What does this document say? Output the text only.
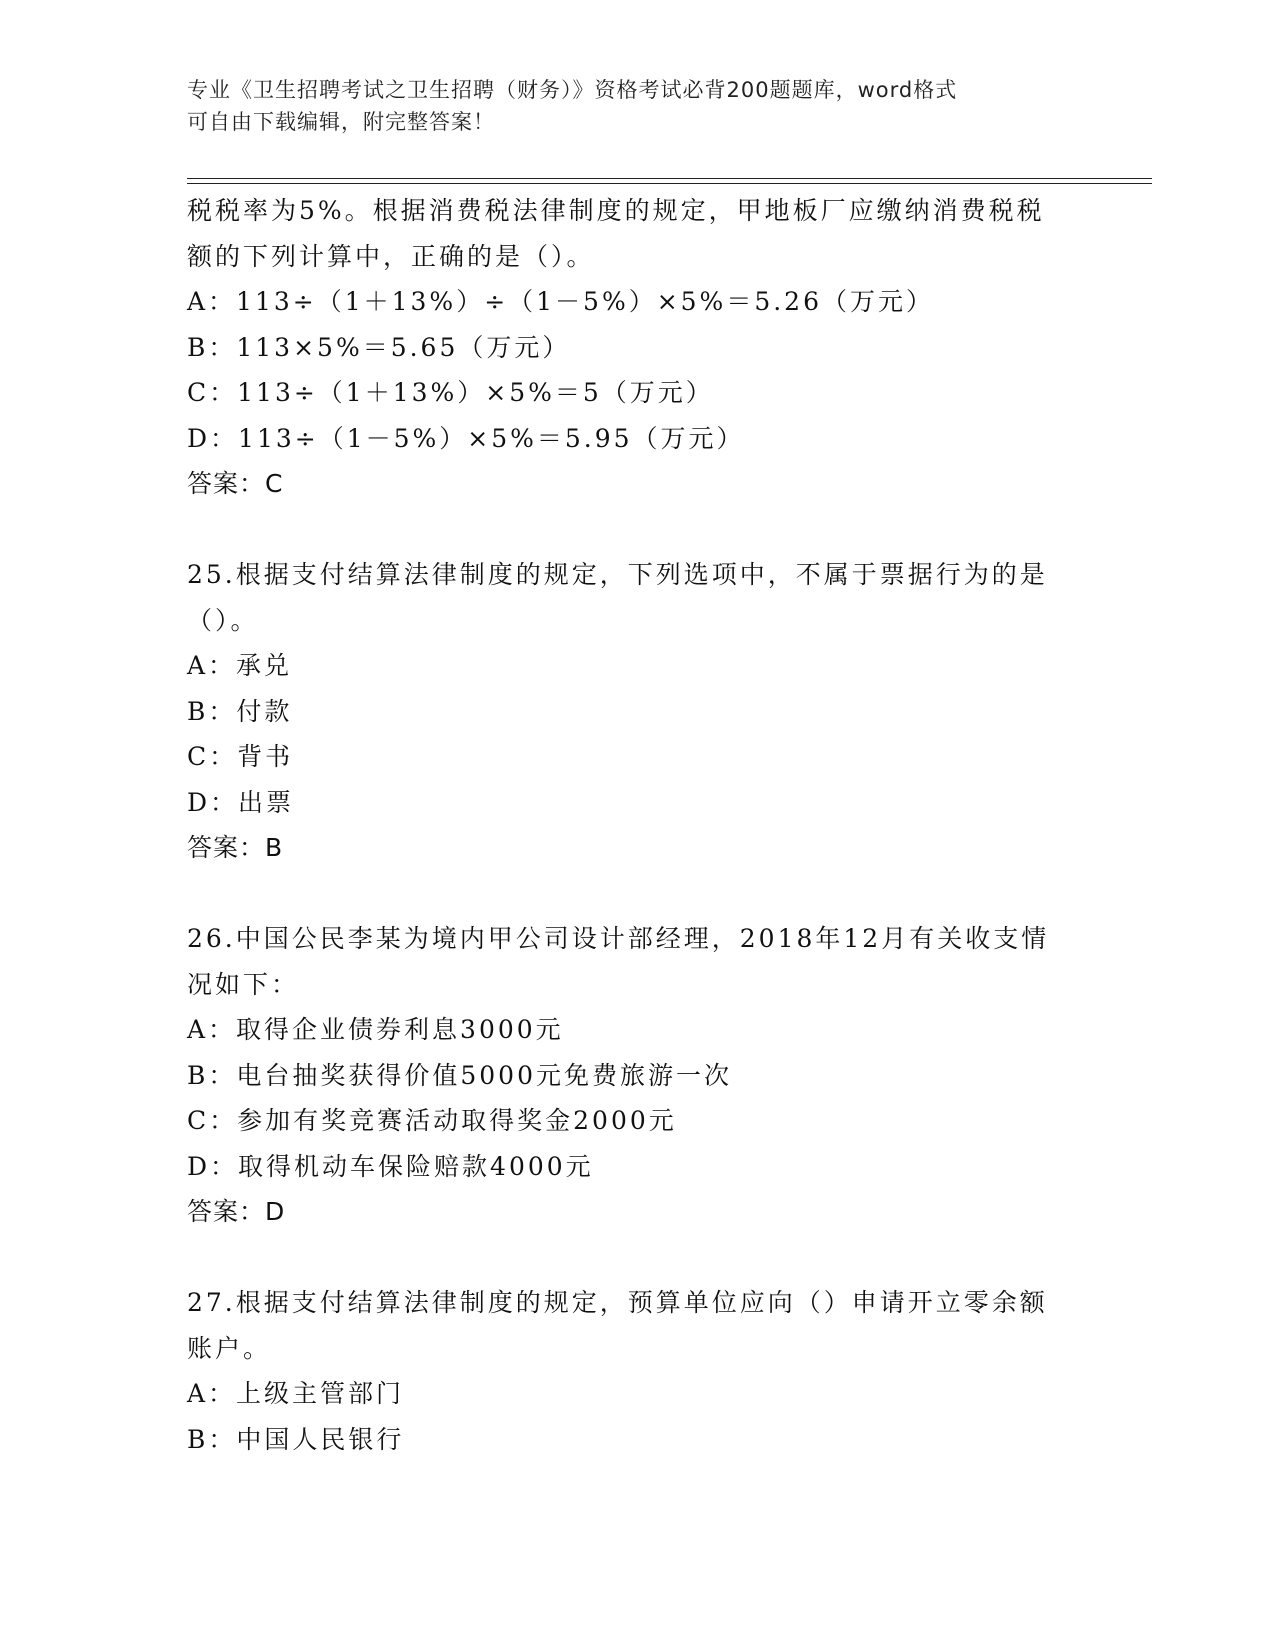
专业《卫生招聘考试之卫生招聘（财务）》资格考试必背200题题库，word格式
可自由下载编辑，附完整答案！
税税率为5%。根据消费税法律制度的规定，甲地板厂应缴纳消费税税
额的下列计算中，正确的是（）。
A：113÷（1＋13%）÷（1－5%）×5%＝5.26（万元）
B：113×5%＝5.65（万元）
C：113÷（1＋13%）×5%＝5（万元）
D：113÷（1－5%）×5%＝5.95（万元）
答案：C
25.根据支付结算法律制度的规定，下列选项中，不属于票据行为的是
（）。
A：承兑
B：付款
C：背书
D：出票
答案：B
26.中国公民李某为境内甲公司设计部经理，2018年12月有关收支情
况如下：
A：取得企业债券利息3000元
B：电台抽奖获得价值5000元免费旅游一次
C：参加有奖竞赛活动取得奖金2000元
D：取得机动车保险赔款4000元
答案：D
27.根据支付结算法律制度的规定，预算单位应向（）申请开立零余额
账户。
A：上级主管部门
B：中国人民银行
